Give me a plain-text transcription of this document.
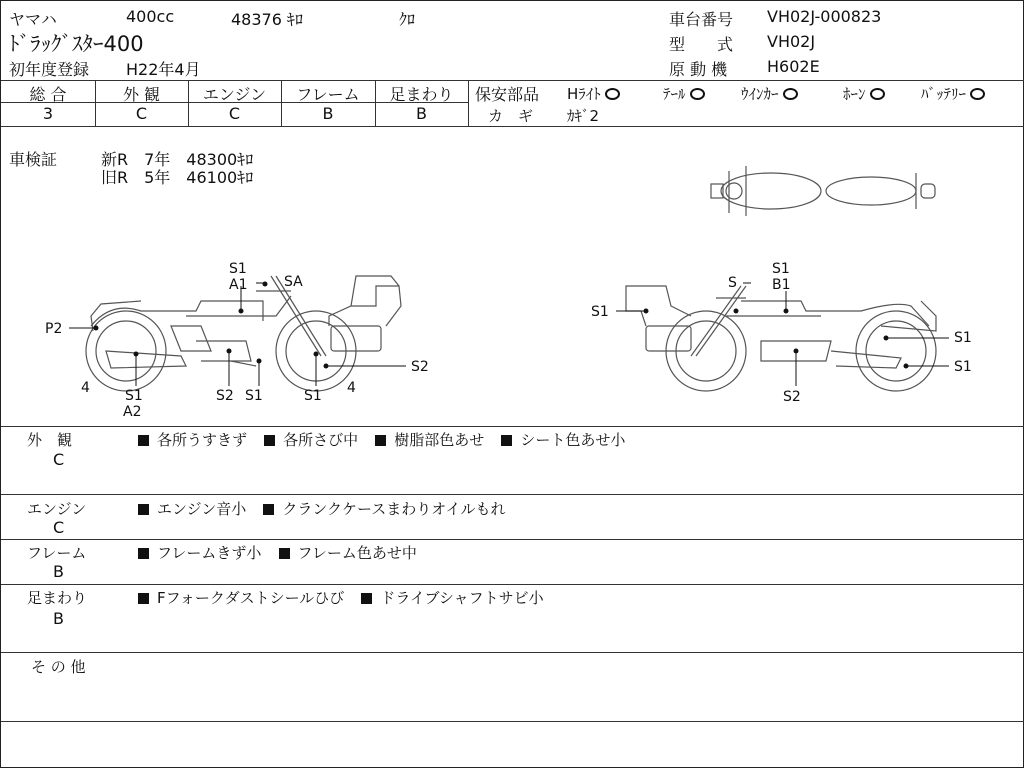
ヤマハ	400cc	48376 ｷﾛ	ｸﾛ
ﾄﾞﾗｯｸﾞｽﾀｰ400
初年度登録 H22年4月
車台番号 VH02J-000823
型　　式 VH02J
原 動 機 H602E
総 合	外 観	エンジン	フレーム	足まわり
3	C	C	B	B
保安部品 Hﾗｲﾄ	ﾃｰﾙ	ｳｲﾝｶｰ	ﾎｰﾝ	ﾊﾞｯﾃﾘｰ
カ　ギ ｶｷﾞ2
車検証	新R　7年　48300ｷﾛ
旧R　5年　46100ｷﾛ
S1
A1	SA
P2
S2
4	S1
A2
S2 S1	S1 4
S
S1
B1
S1
S1
S1
S2
外　観
C
各所うすきず 各所さび中 樹脂部色あせ シート色あせ小
エンジン
C
エンジン音小 クランクケースまわりオイルもれ
フレーム
B
フレームきず小 フレーム色あせ中
足まわり
B
Fフォークダストシールひび ドライブシャフトサビ小
そ の 他
